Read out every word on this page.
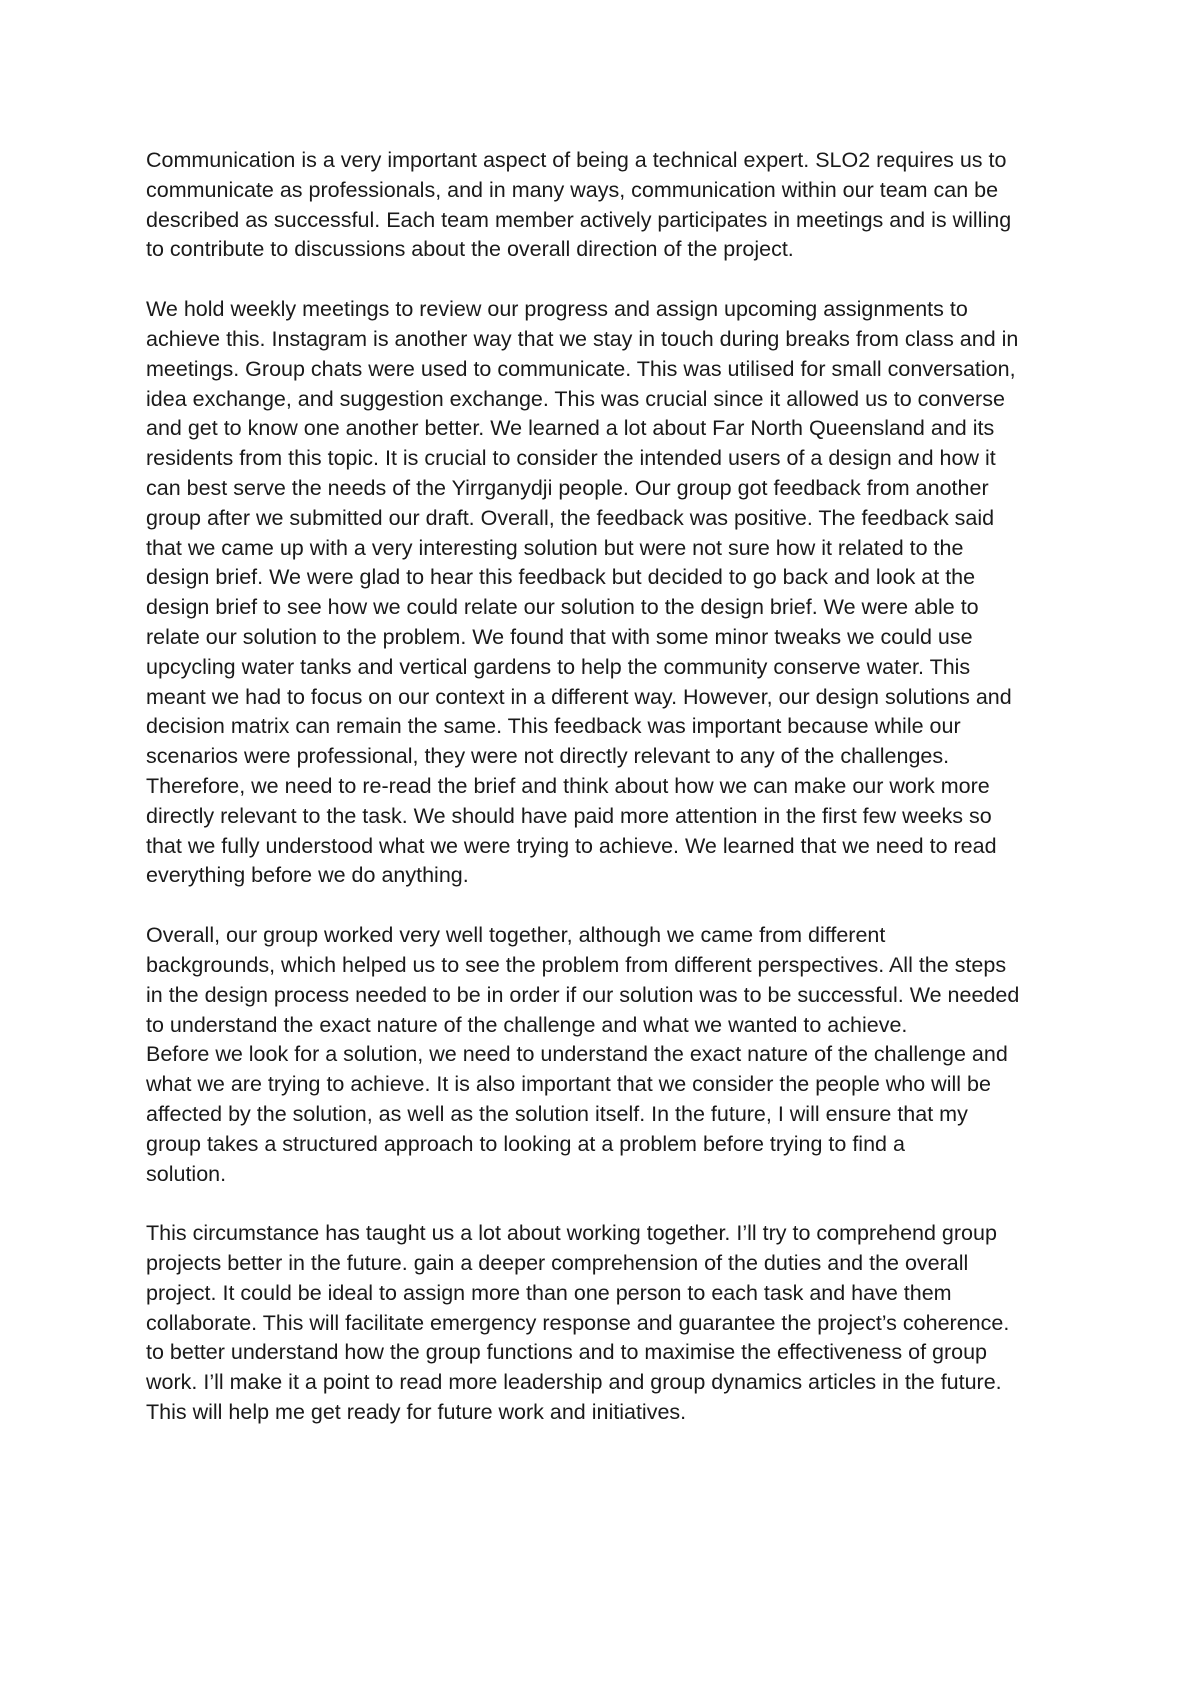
Communication is a very important aspect of being a technical expert. SLO2 requires us to
communicate as professionals, and in many ways, communication within our team can be
described as successful. Each team member actively participates in meetings and is willing
to contribute to discussions about the overall direction of the project.

We hold weekly meetings to review our progress and assign upcoming assignments to
achieve this. Instagram is another way that we stay in touch during breaks from class and in
meetings. Group chats were used to communicate. This was utilised for small conversation,
idea exchange, and suggestion exchange. This was crucial since it allowed us to converse
and get to know one another better. We learned a lot about Far North Queensland and its
residents from this topic. It is crucial to consider the intended users of a design and how it
can best serve the needs of the Yirrganydji people. Our group got feedback from another
group after we submitted our draft. Overall, the feedback was positive. The feedback said
that we came up with a very interesting solution but were not sure how it related to the
design brief. We were glad to hear this feedback but decided to go back and look at the
design brief to see how we could relate our solution to the design brief. We were able to
relate our solution to the problem. We found that with some minor tweaks we could use
upcycling water tanks and vertical gardens to help the community conserve water. This
meant we had to focus on our context in a different way. However, our design solutions and
decision matrix can remain the same. This feedback was important because while our
scenarios were professional, they were not directly relevant to any of the challenges.
Therefore, we need to re-read the brief and think about how we can make our work more
directly relevant to the task. We should have paid more attention in the first few weeks so
that we fully understood what we were trying to achieve. We learned that we need to read
everything before we do anything.

Overall, our group worked very well together, although we came from different
backgrounds, which helped us to see the problem from different perspectives. All the steps
in the design process needed to be in order if our solution was to be successful. We needed
to understand the exact nature of the challenge and what we wanted to achieve.
Before we look for a solution, we need to understand the exact nature of the challenge and
what we are trying to achieve. It is also important that we consider the people who will be
affected by the solution, as well as the solution itself. In the future, I will ensure that my
group takes a structured approach to looking at a problem before trying to find a
solution.

This circumstance has taught us a lot about working together. I’ll try to comprehend group
projects better in the future. gain a deeper comprehension of the duties and the overall
project. It could be ideal to assign more than one person to each task and have them
collaborate. This will facilitate emergency response and guarantee the project’s coherence.
to better understand how the group functions and to maximise the effectiveness of group
work. I’ll make it a point to read more leadership and group dynamics articles in the future.
This will help me get ready for future work and initiatives.
